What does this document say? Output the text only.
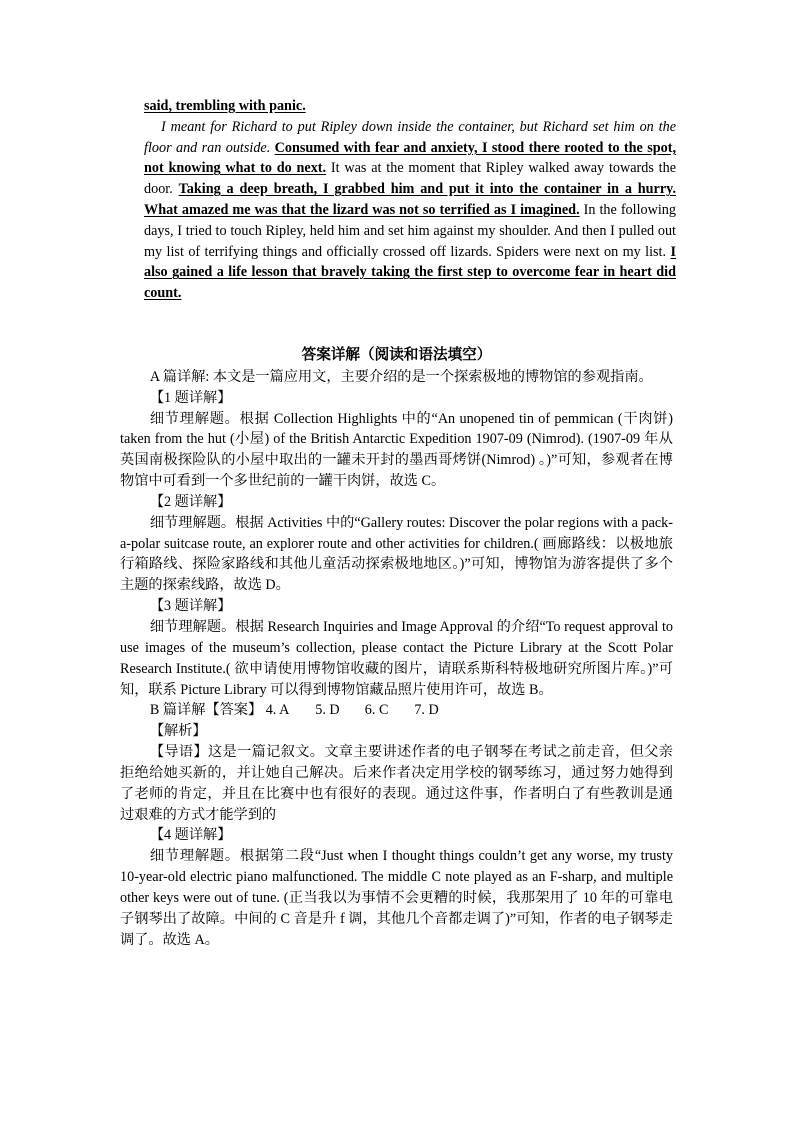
said, trembling with panic.

I meant for Richard to put Ripley down inside the container, but Richard set him on the floor and ran outside. Consumed with fear and anxiety, I stood there rooted to the spot, not knowing what to do next. It was at the moment that Ripley walked away towards the door. Taking a deep breath, I grabbed him and put it into the container in a hurry. What amazed me was that the lizard was not so terrified as I imagined. In the following days, I tried to touch Ripley, held him and set him against my shoulder. And then I pulled out my list of terrifying things and officially crossed off lizards. Spiders were next on my list. I also gained a life lesson that bravely taking the first step to overcome fear in heart did count.

答案详解（阅读和语法填空）

A 篇详解: 本文是一篇应用文，主要介绍的是一个探索极地的博物馆的参观指南。

【1 题详解】

细节理解题。根据 Collection Highlights 中的“An unopened tin of pemmican (干肉饼) taken from the hut (小屋) of the British Antarctic Expedition 1907-09 (Nimrod). (1907-09 年从英国南极探险队的小屋中取出的一罐未开封的墨西哥烤饼(Nimrod) 。)”可知，参观者在博物馆中可看到一个多世纪前的一罐干肉饼，故选 C。

【2 题详解】

细节理解题。根据 Activities 中的“Gallery routes: Discover the polar regions with a pack-a-polar suitcase route, an explorer route and other activities for children.( 画廊路线：以极地旅行箱路线、探险家路线和其他儿童活动探索极地地区。)”可知，博物馆为游客提供了多个主题的探索线路，故选 D。

【3 题详解】

细节理解题。根据 Research Inquiries and Image Approval 的介绍“To request approval to use images of the museum’s collection, please contact the Picture Library at the Scott Polar Research Institute.( 欲申请使用博物馆收藏的图片，请联系斯科特极地研究所图片库。)”可知，联系 Picture Library 可以得到博物馆藏品照片使用许可，故选 B。

B 篇详解【答案】 4. A 5. D 6. C 7. D

【解析】

【导语】这是一篇记叙文。文章主要讲述作者的电子钢琴在考试之前走音，但父亲拒绝给她买新的，并让她自己解决。后来作者决定用学校的钢琴练习，通过努力她得到了老师的肯定，并且在比赛中也有很好的表现。通过这件事，作者明白了有些教训是通过艰难的方式才能学到的

【4 题详解】

细节理解题。根据第二段“Just when I thought things couldn’t get any worse, my trusty 10-year-old electric piano malfunctioned. The middle C note played as an F-sharp, and multiple other keys were out of tune. (正当我以为事情不会更糟的时候，我那架用了 10 年的可靠电子钢琴出了故障。中间的 C 音是升 f 调，其他几个音都走调了)”可知，作者的电子钢琴走调了。故选 A。
